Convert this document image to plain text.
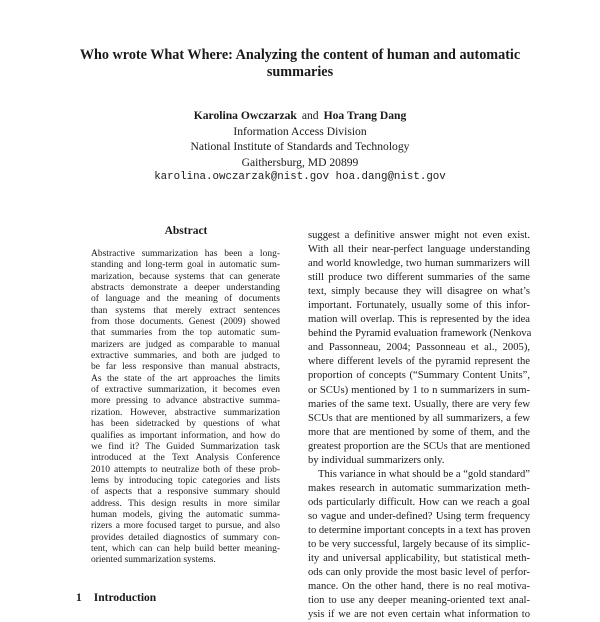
Who wrote What Where: Analyzing the content of human and automatic
summaries
Karolina Owczarzak and Hoa Trang Dang
Information Access Division
National Institute of Standards and Technology
Gaithersburg, MD 20899
karolina.owczarzak@nist.gov hoa.dang@nist.gov
Abstract
Abstractive summarization has been a long-
standing and long-term goal in automatic sum-
marization, because systems that can generate
abstracts demonstrate a deeper understanding
of language and the meaning of documents
than systems that merely extract sentences
from those documents. Genest (2009) showed
that summaries from the top automatic sum-
marizers are judged as comparable to manual
extractive summaries, and both are judged to
be far less responsive than manual abstracts,
As the state of the art approaches the limits
of extractive summarization, it becomes even
more pressing to advance abstractive summa-
rization. However, abstractive summarization
has been sidetracked by questions of what
qualifies as important information, and how do
we find it? The Guided Summarization task
introduced at the Text Analysis Conference
2010 attempts to neutralize both of these prob-
lems by introducing topic categories and lists
of aspects that a responsive summary should
address. This design results in more similar
human models, giving the automatic summa-
rizers a more focused target to pursue, and also
provides detailed diagnostics of summary con-
tent, which can can help build better meaning-
oriented summarization systems.
1 Introduction
suggest a definitive answer might not even exist.
With all their near-perfect language understanding
and world knowledge, two human summarizers will
still produce two different summaries of the same
text, simply because they will disagree on what’s
important. Fortunately, usually some of this infor-
mation will overlap. This is represented by the idea
behind the Pyramid evaluation framework (Nenkova
and Passonneau, 2004; Passonneau et al., 2005),
where different levels of the pyramid represent the
proportion of concepts (“Summary Content Units”,
or SCUs) mentioned by 1 to n summarizers in sum-
maries of the same text. Usually, there are very few
SCUs that are mentioned by all summarizers, a few
more that are mentioned by some of them, and the
greatest proportion are the SCUs that are mentioned
by individual summarizers only.
This variance in what should be a “gold standard”
makes research in automatic summarization meth-
ods particularly difficult. How can we reach a goal
so vague and under-defined? Using term frequency
to determine important concepts in a text has proven
to be very successful, largely because of its simplic-
ity and universal applicability, but statistical meth-
ods can only provide the most basic level of perfor-
mance. On the other hand, there is no real motiva-
tion to use any deeper meaning-oriented text anal-
ysis if we are not even certain what information to
